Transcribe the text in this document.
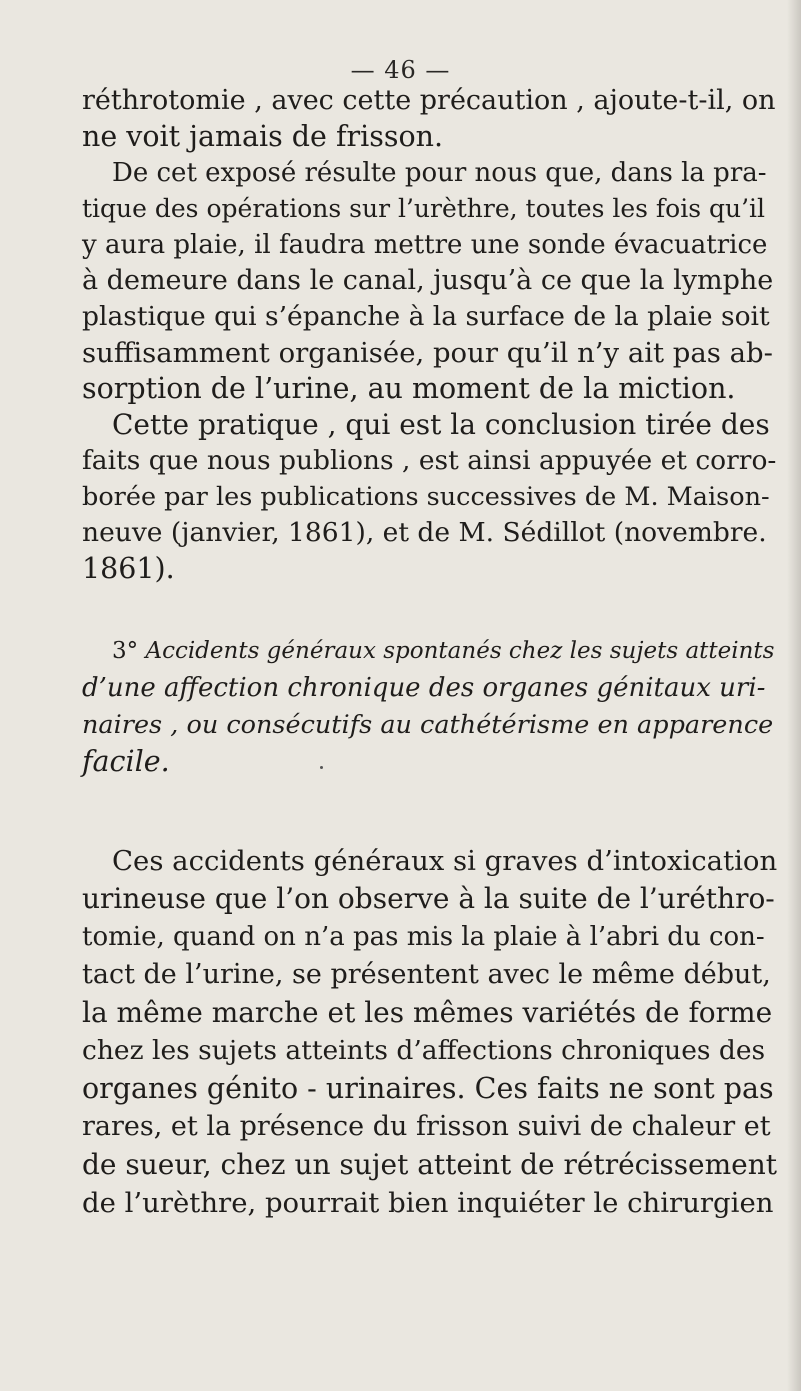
— 46 —
réthrotomie , avec cette précaution , ajoute-t-il, on
ne voit jamais de frisson.
De cet exposé résulte pour nous que, dans la pra-
tique des opérations sur l’urèthre, toutes les fois qu’il
y aura plaie, il faudra mettre une sonde évacuatrice
à demeure dans le canal, jusqu’à ce que la lymphe
plastique qui s’épanche à la surface de la plaie soit
suffisamment organisée, pour qu’il n’y ait pas ab-
sorption de l’urine, au moment de la miction.
Cette pratique , qui est la conclusion tirée des
faits que nous publions , est ainsi appuyée et corro-
borée par les publications successives de M. Maison-
neuve (janvier, 1861), et de M. Sédillot (novembre.
1861).
3° Accidents généraux spontanés chez les sujets atteints
d’une affection chronique des organes génitaux uri-
naires , ou consécutifs au cathétérisme en apparence
facile.
Ces accidents généraux si graves d’intoxication
urineuse que l’on observe à la suite de l’uréthro-
tomie, quand on n’a pas mis la plaie à l’abri du con-
tact de l’urine, se présentent avec le même début,
la même marche et les mêmes variétés de forme
chez les sujets atteints d’affections chroniques des
organes génito - urinaires. Ces faits ne sont pas
rares, et la présence du frisson suivi de chaleur et
de sueur, chez un sujet atteint de rétrécissement
de l’urèthre, pourrait bien inquiéter le chirurgien
